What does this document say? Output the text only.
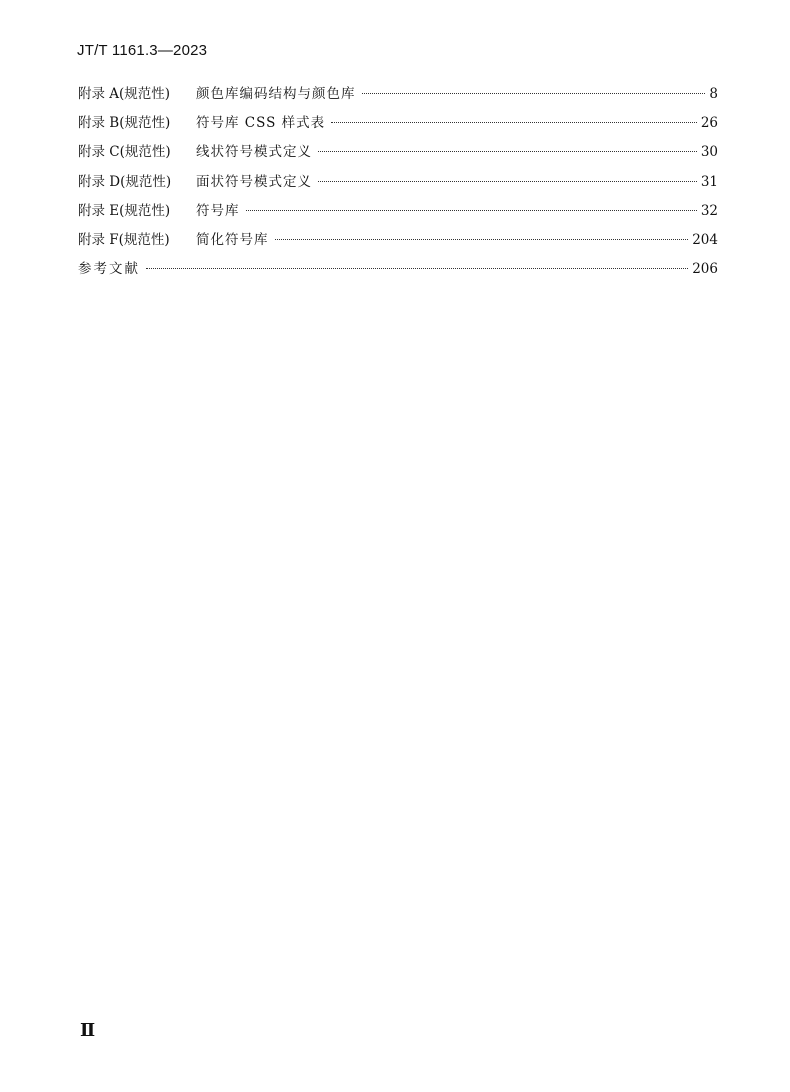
JT/T 1161.3—2023
附录 A(规范性)	颜色库编码结构与颜色库	8
附录 B(规范性)	符号库 CSS 样式表	26
附录 C(规范性)	线状符号模式定义	30
附录 D(规范性)	面状符号模式定义	31
附录 E(规范性)	符号库	32
附录 F(规范性)	简化符号库	204
参考文献	206
Ⅱ
